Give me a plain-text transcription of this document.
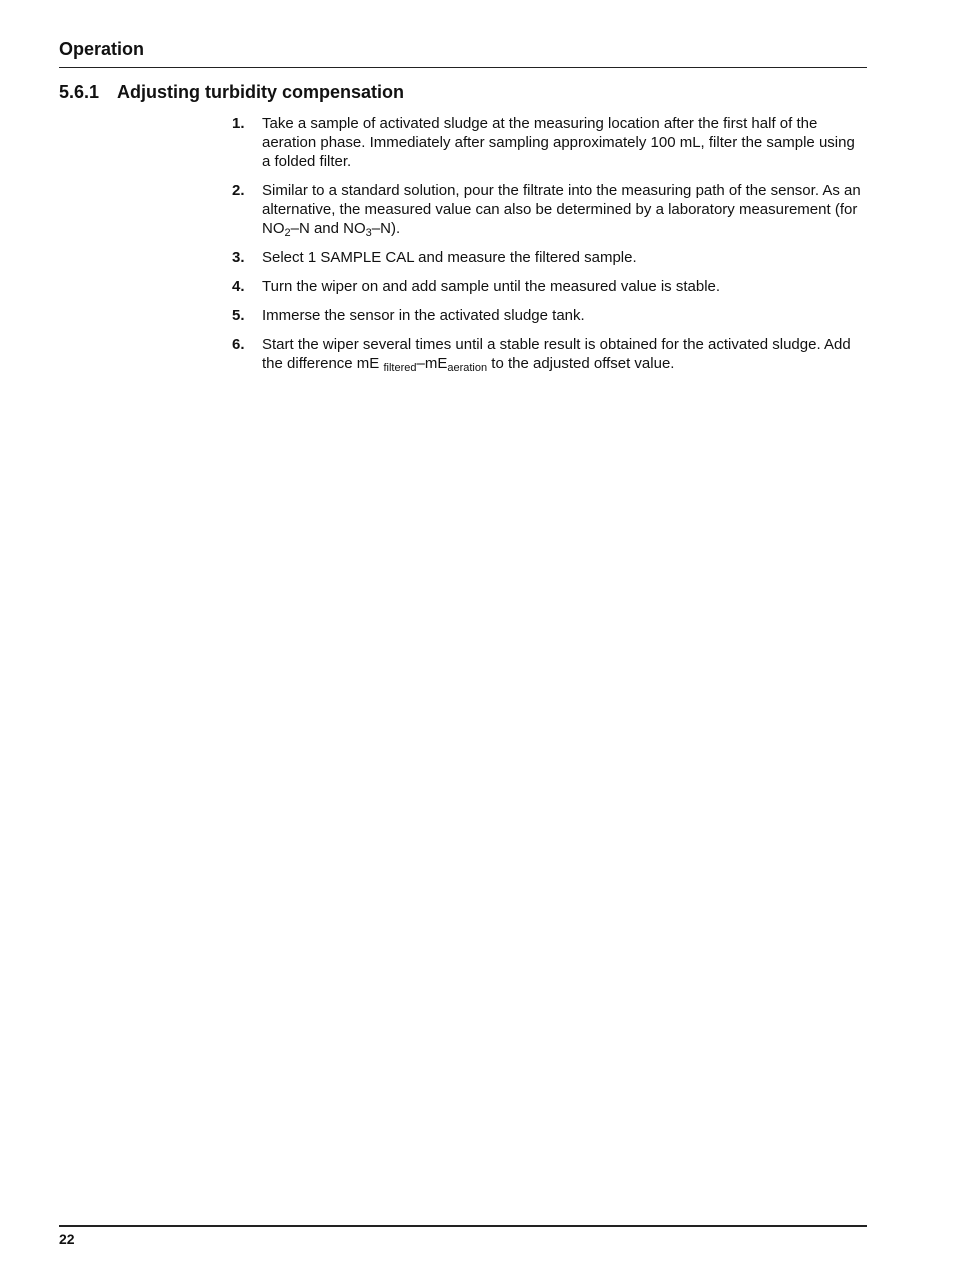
Operation
5.6.1 Adjusting turbidity compensation
1. Take a sample of activated sludge at the measuring location after the first half of the aeration phase. Immediately after sampling approximately 100 mL, filter the sample using a folded filter.
2. Similar to a standard solution, pour the filtrate into the measuring path of the sensor. As an alternative, the measured value can also be determined by a laboratory measurement (for $NO_2-N$ and $NO_3-N$).
3. Select 1 SAMPLE CAL and measure the filtered sample.
4. Turn the wiper on and add sample until the measured value is stable.
5. Immerse the sensor in the activated sludge tank.
6. Start the wiper several times until a stable result is obtained for the activated sludge. Add the difference mE $_{filtered}-mE_{aeration}$ to the adjusted offset value.
22
